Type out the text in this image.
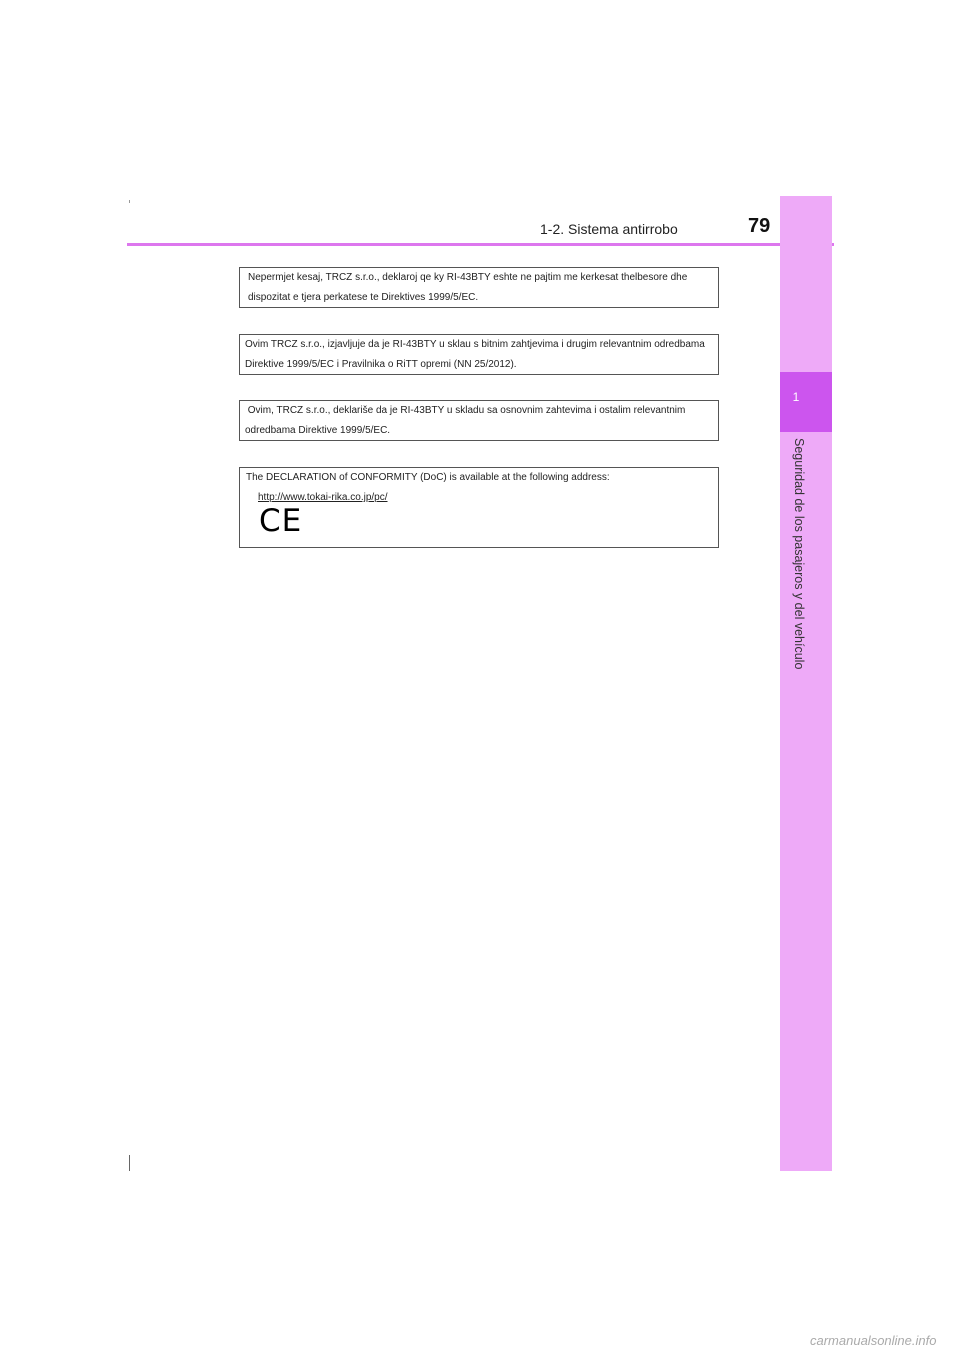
1-2. Sistema antirrobo	79
1
Seguridad de los pasajeros y del vehículo

Nepermjet kesaj, TRCZ s.r.o., deklaroj qe ky RI-43BTY eshte ne pajtim me kerkesat thelbesore dhe

dispozitat e tjera perkatese te Direktives 1999/5/EC.

Ovim TRCZ s.r.o., izjavljuje da je RI-43BTY u sklau s bitnim zahtjevima i drugim relevantnim odredbama

Direktive 1999/5/EC i Pravilnika o RiTT opremi (NN 25/2012).

Ovim, TRCZ s.r.o., deklariše da je RI-43BTY u skladu sa osnovnim zahtevima i ostalim relevantnim

odredbama Direktive 1999/5/EC.

The DECLARATION of CONFORMITY (DoC) is available at the following address:

http://www.tokai-rika.co.jp/pc/

CE
carmanualsonline.info
